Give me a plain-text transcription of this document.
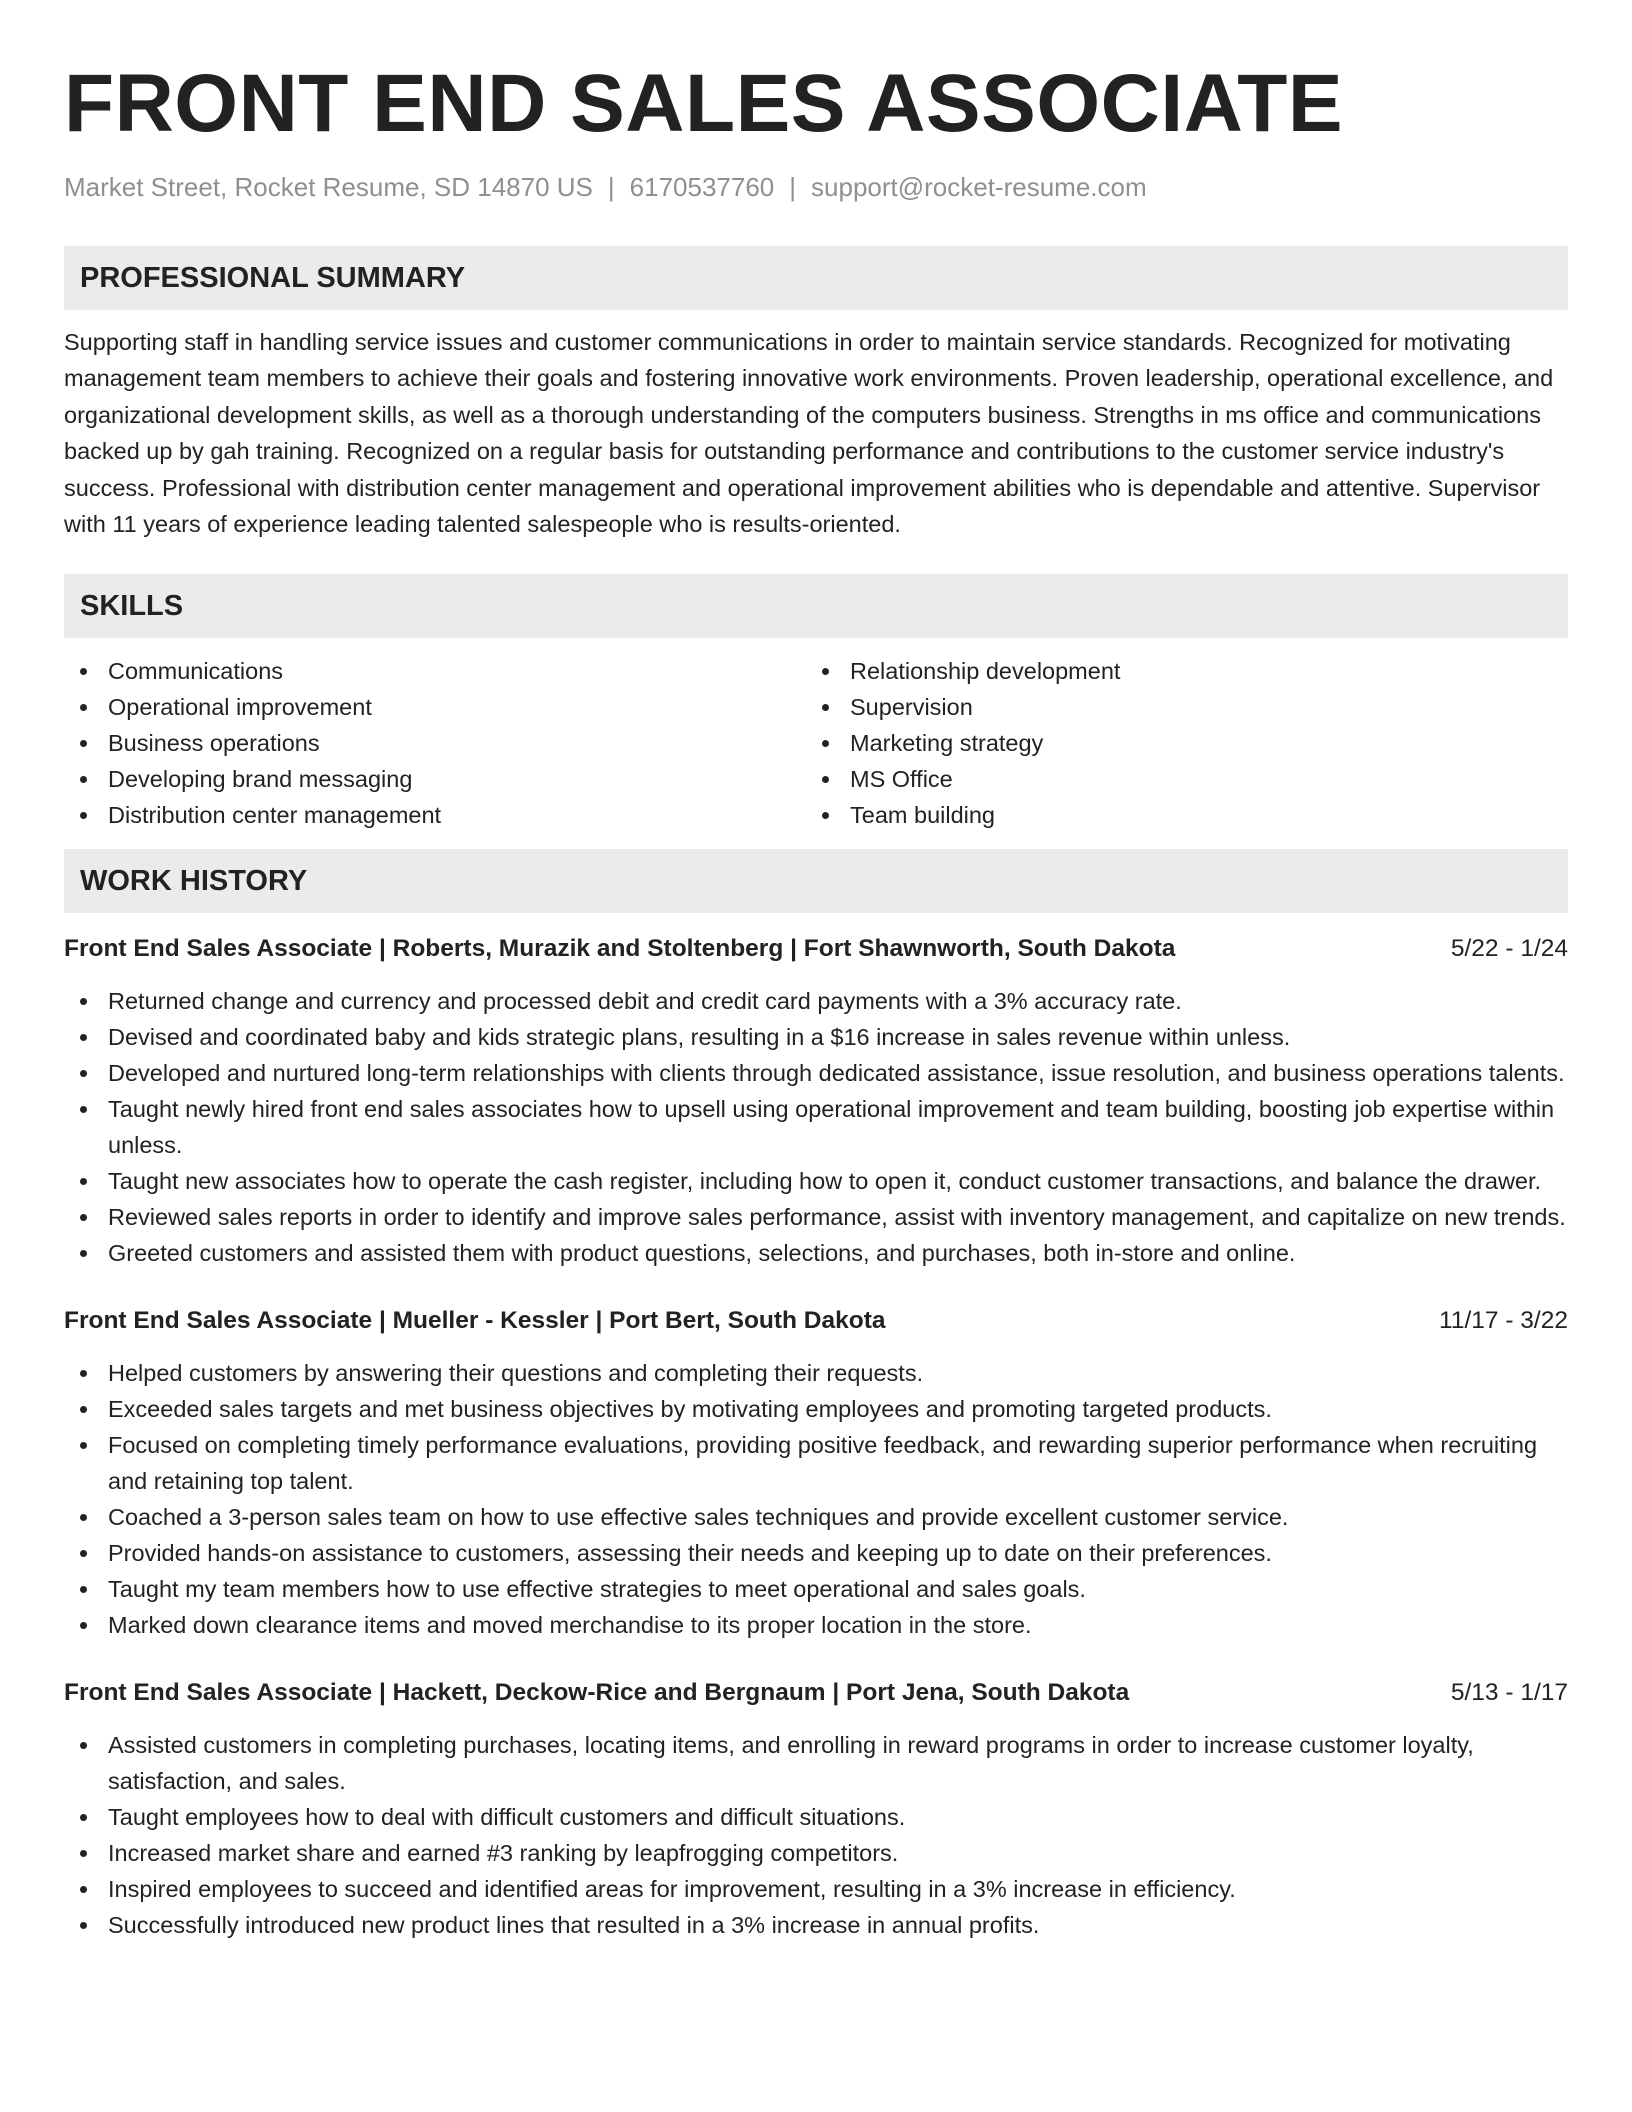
FRONT END SALES ASSOCIATE
Market Street, Rocket Resume, SD 14870 US | 6170537760 | support@rocket-resume.com
PROFESSIONAL SUMMARY

Supporting staff in handling service issues and customer communications in order to maintain service standards. Recognized for motivating management team members to achieve their goals and fostering innovative work environments. Proven leadership, operational excellence, and organizational development skills, as well as a thorough understanding of the computers business. Strengths in ms office and communications backed up by gah training. Recognized on a regular basis for outstanding performance and contributions to the customer service industry's success. Professional with distribution center management and operational improvement abilities who is dependable and attentive. Supervisor with 11 years of experience leading talented salespeople who is results-oriented.

SKILLS
Communications
Operational improvement
Business operations
Developing brand messaging
Distribution center management
Relationship development
Supervision
Marketing strategy
MS Office
Team building
WORK HISTORY
Front End Sales Associate | Roberts, Murazik and Stoltenberg | Fort Shawnworth, South Dakota	5/22 - 1/24
Returned change and currency and processed debit and credit card payments with a 3% accuracy rate.
Devised and coordinated baby and kids strategic plans, resulting in a $16 increase in sales revenue within unless.
Developed and nurtured long-term relationships with clients through dedicated assistance, issue resolution, and business operations talents.
Taught newly hired front end sales associates how to upsell using operational improvement and team building, boosting job expertise within unless.
Taught new associates how to operate the cash register, including how to open it, conduct customer transactions, and balance the drawer.
Reviewed sales reports in order to identify and improve sales performance, assist with inventory management, and capitalize on new trends.
Greeted customers and assisted them with product questions, selections, and purchases, both in-store and online.
Front End Sales Associate | Mueller - Kessler | Port Bert, South Dakota	11/17 - 3/22
Helped customers by answering their questions and completing their requests.
Exceeded sales targets and met business objectives by motivating employees and promoting targeted products.
Focused on completing timely performance evaluations, providing positive feedback, and rewarding superior performance when recruiting and retaining top talent.
Coached a 3-person sales team on how to use effective sales techniques and provide excellent customer service.
Provided hands-on assistance to customers, assessing their needs and keeping up to date on their preferences.
Taught my team members how to use effective strategies to meet operational and sales goals.
Marked down clearance items and moved merchandise to its proper location in the store.
Front End Sales Associate | Hackett, Deckow-Rice and Bergnaum | Port Jena, South Dakota	5/13 - 1/17
Assisted customers in completing purchases, locating items, and enrolling in reward programs in order to increase customer loyalty, satisfaction, and sales.
Taught employees how to deal with difficult customers and difficult situations.
Increased market share and earned #3 ranking by leapfrogging competitors.
Inspired employees to succeed and identified areas for improvement, resulting in a 3% increase in efficiency.
Successfully introduced new product lines that resulted in a 3% increase in annual profits.
